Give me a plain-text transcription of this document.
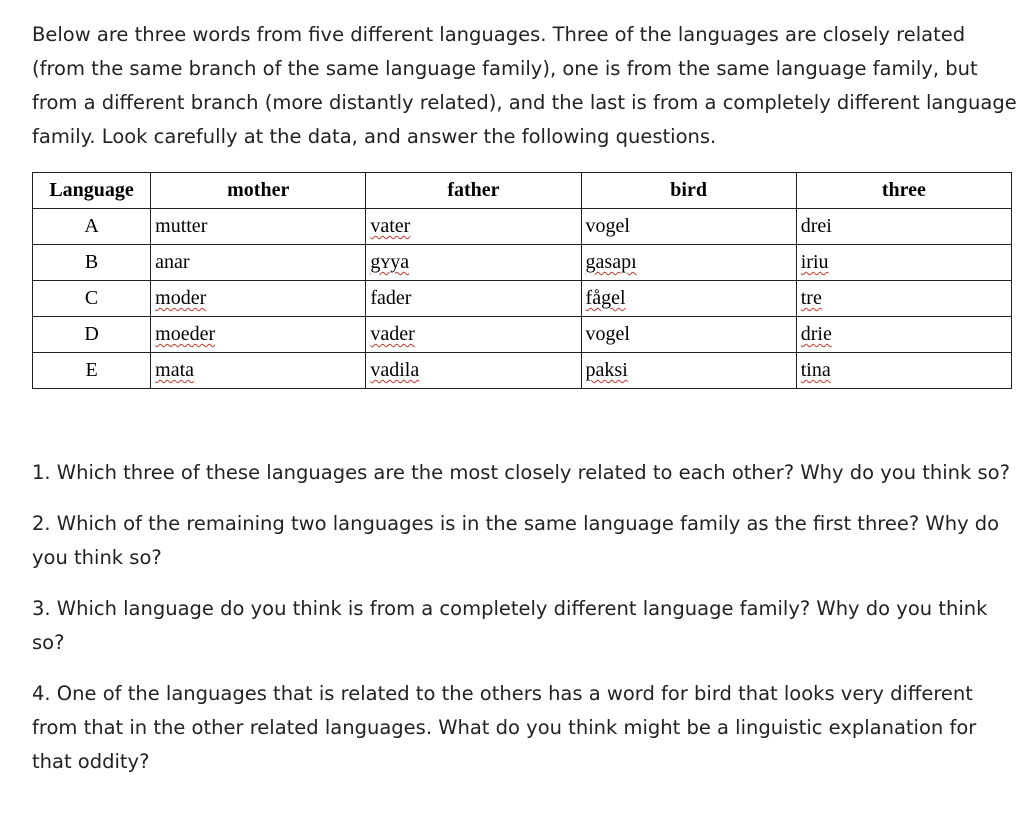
Below are three words from five different languages. Three of the languages are closely related
(from the same branch of the same language family), one is from the same language family, but
from a different branch (more distantly related), and the last is from a completely different language
family. Look carefully at the data, and answer the following questions.
Language	mother	father	bird	three
A	mutter	vater	vogel	drei
B	anar	gʏya	gasapı	iriu
C	moder	fader	fågel	tre
D	moeder	vader	vogel	drie
E	mata	vadila	paksi	tina

1. Which three of these languages are the most closely related to each other? Why do you think so?

2. Which of the remaining two languages is in the same language family as the first three? Why do you think so?

3. Which language do you think is from a completely different language family? Why do you think so?

4. One of the languages that is related to the others has a word for bird that looks very different from that in the other related languages. What do you think might be a linguistic explanation for that oddity?
